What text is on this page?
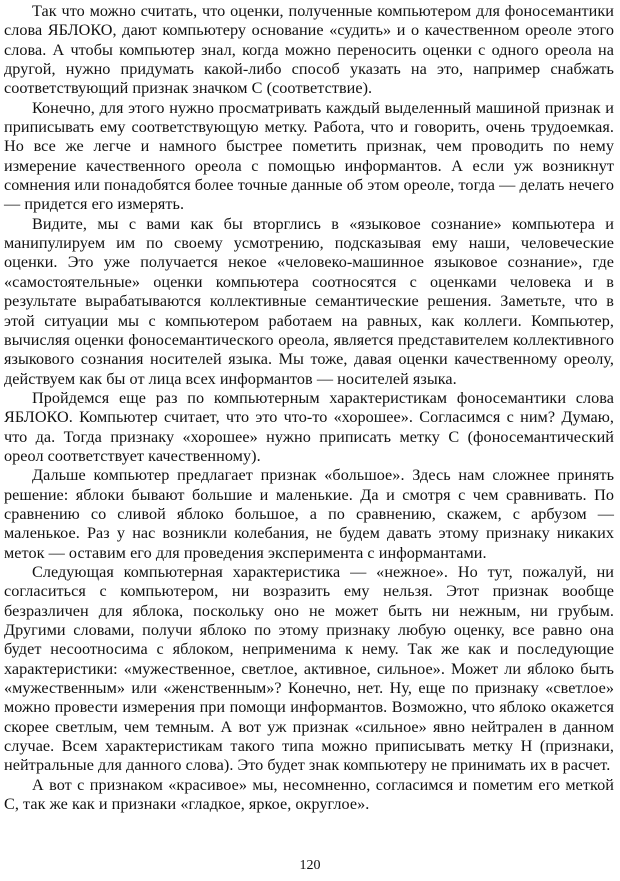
Так что можно считать, что оценки, полученные компьютером для фоносемантики слова ЯБЛОКО, дают компьютеру основание «судить» и о качественном ореоле этого слова. А чтобы компьютер знал, когда можно переносить оценки с одного ореола на другой, нужно придумать какой-либо способ указать на это, например снабжать соответствующий признак значком С (соответствие).

Конечно, для этого нужно просматривать каждый выделенный машиной признак и приписывать ему соответствующую метку. Работа, что и говорить, очень трудоемкая. Но все же легче и намного быстрее пометить признак, чем проводить по нему измерение качественного ореола с помощью информантов. А если уж возникнут сомнения или понадобятся более точные данные об этом ореоле, тогда — делать нечего — придется его измерять.

Видите, мы с вами как бы вторглись в «языковое сознание» компьютера и манипулируем им по своему усмотрению, подсказывая ему наши, человеческие оценки. Это уже получается некое «человеко-машинное языковое сознание», где «самостоятельные» оценки компьютера соотносятся с оценками человека и в результате вырабатываются коллективные семантические решения. Заметьте, что в этой ситуации мы с компьютером работаем на равных, как коллеги. Компьютер, вычисляя оценки фоносемантического ореола, является представителем коллективного языкового сознания носителей языка. Мы тоже, давая оценки качественному ореолу, действуем как бы от лица всех информантов — носителей языка.

Пройдемся еще раз по компьютерным характеристикам фоносемантики слова ЯБЛОКО. Компьютер считает, что это что-то «хорошее». Согласимся с ним? Думаю, что да. Тогда признаку «хорошее» нужно приписать метку С (фоносемантический ореол соответствует качественному).

Дальше компьютер предлагает признак «большое». Здесь нам сложнее принять решение: яблоки бывают большие и маленькие. Да и смотря с чем сравнивать. По сравнению со сливой яблоко большое, а по сравнению, скажем, с арбузом — маленькое. Раз у нас возникли колебания, не будем давать этому признаку никаких меток — оставим его для проведения эксперимента с информантами.

Следующая компьютерная характеристика — «нежное». Но тут, пожалуй, ни согласиться с компьютером, ни возразить ему нельзя. Этот признак вообще безразличен для яблока, поскольку оно не может быть ни нежным, ни грубым. Другими словами, получи яблоко по этому признаку любую оценку, все равно она будет несоотносима с яблоком, неприменима к нему. Так же как и последующие характеристики: «мужественное, светлое, активное, сильное». Может ли яблоко быть «мужественным» или «женственным»? Конечно, нет. Ну, еще по признаку «светлое» можно провести измерения при помощи информантов. Возможно, что яблоко окажется скорее светлым, чем темным. А вот уж признак «сильное» явно нейтрален в данном случае. Всем характеристикам такого типа можно приписывать метку Н (признаки, нейтральные для данного слова). Это будет знак компьютеру не принимать их в расчет.

А вот с признаком «красивое» мы, несомненно, согласимся и пометим его меткой С, так же как и признаки «гладкое, яркое, округлое».

120
